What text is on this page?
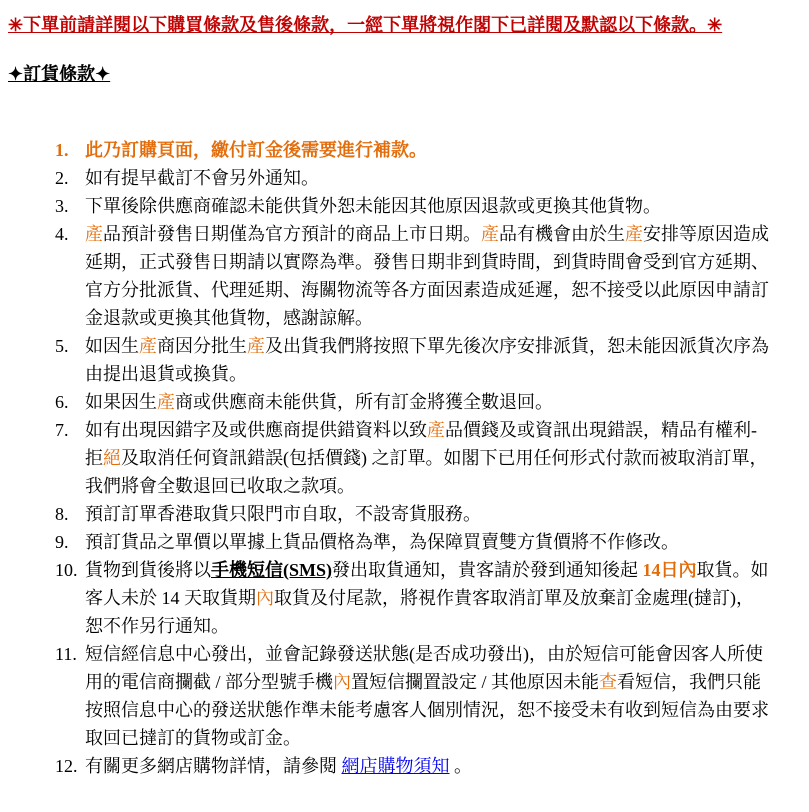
✳下單前請詳閱以下購買條款及售後條款，一經下單將視作閣下已詳閱及默認以下條款。✳

✦訂貨條款✦
1. 此乃訂購頁面，繳付訂金後需要進行補款。
2. 如有提早截訂不會另外通知。
3. 下單後除供應商確認未能供貨外恕未能因其他原因退款或更換其他貨物。
4. 產品預計發售日期僅為官方預計的商品上市日期。產品有機會由於生產安排等原因造成延期，正式發售日期請以實際為準。發售日期非到貨時間，到貨時間會受到官方延期、官方分批派貨、代理延期、海關物流等各方面因素造成延遲，恕不接受以此原因申請訂金退款或更換其他貨物，感謝諒解。
5. 如因生產商因分批生產及出貨我們將按照下單先後次序安排派貨，恕未能因派貨次序為由提出退貨或換貨。
6. 如果因生產商或供應商未能供貨，所有訂金將獲全數退回。
7. 如有出現因錯字及或供應商提供錯資料以致產品價錢及或資訊出現錯誤，精品有權利-拒絕及取消任何資訊錯誤(包括價錢) 之訂單。如閣下已用任何形式付款而被取消訂單，我們將會全數退回已收取之款項。
8. 預訂訂單香港取貨只限門市自取，不設寄貨服務。
9. 預訂貨品之單價以單據上貨品價格為準，為保障買賣雙方貨價將不作修改。
10. 貨物到貨後將以手機短信(SMS)發出取貨通知，貴客請於發到通知後起 14日內取貨。如客人未於 14 天取貨期內取貨及付尾款，將視作貴客取消訂單及放棄訂金處理(撻訂)，恕不作另行通知。
11. 短信經信息中心發出，並會記錄發送狀態(是否成功發出)，由於短信可能會因客人所使用的電信商攔截 / 部分型號手機內置短信攔置設定 / 其他原因未能查看短信，我們只能按照信息中心的發送狀態作準未能考慮客人個別情況，恕不接受未有收到短信為由要求取回已撻訂的貨物或訂金。
12. 有關更多網店購物詳情，請參閱 網店購物須知 。
